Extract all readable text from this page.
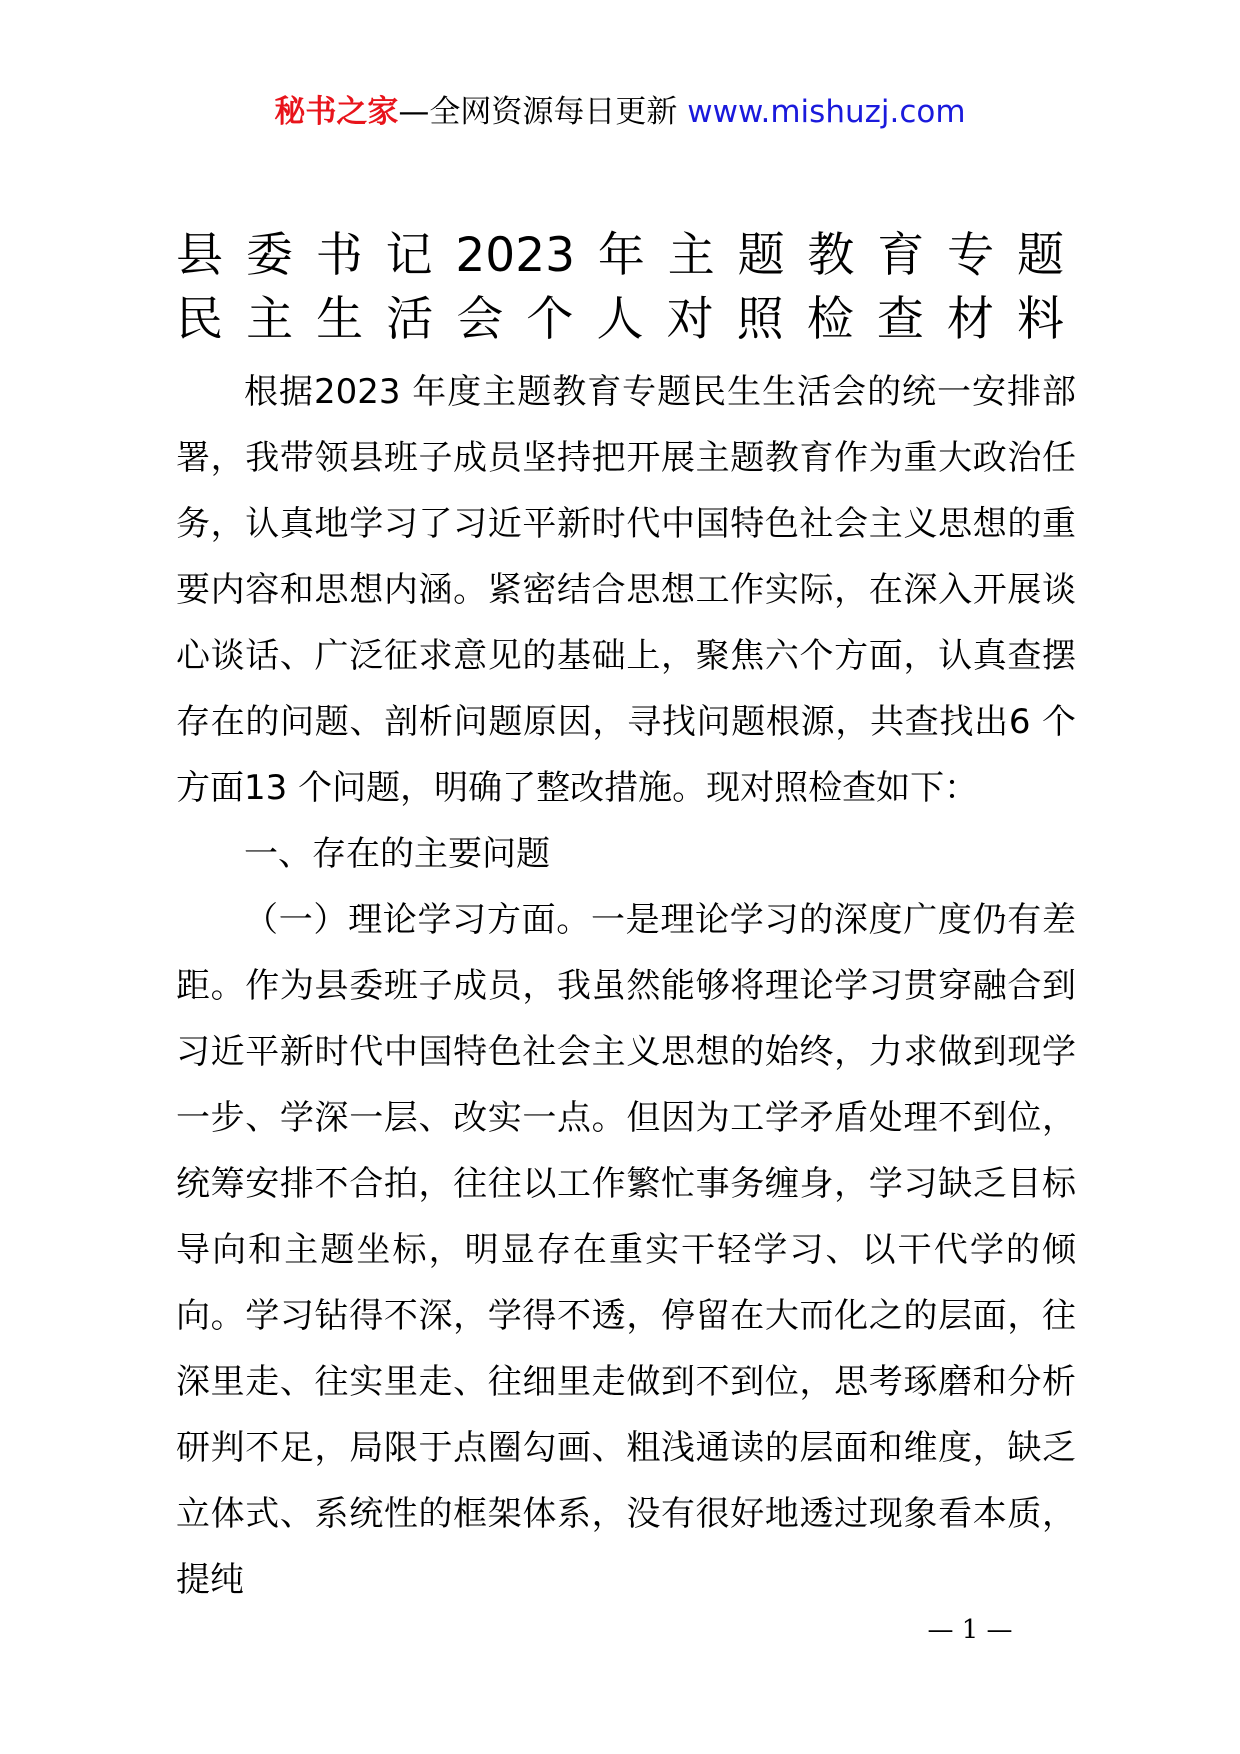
秘书之家—全网资源每日更新 www.mishuzj.com
县委书记2023年主题教育专题
民主生活会个人对照检查材料

根据2023 年度主题教育专题民生生活会的统一安排部署，我带领县班子成员坚持把开展主题教育作为重大政治任务，认真地学习了习近平新时代中国特色社会主义思想的重要内容和思想内涵。紧密结合思想工作实际，在深入开展谈心谈话、广泛征求意见的基础上，聚焦六个方面，认真查摆存在的问题、剖析问题原因，寻找问题根源，共查找出6 个方面13 个问题，明确了整改措施。现对照检查如下：

一、存在的主要问题

（一）理论学习方面。一是理论学习的深度广度仍有差距。作为县委班子成员，我虽然能够将理论学习贯穿融合到习近平新时代中国特色社会主义思想的始终，力求做到现学一步、学深一层、改实一点。但因为工学矛盾处理不到位，统筹安排不合拍，往往以工作繁忙事务缠身，学习缺乏目标导向和主题坐标，明显存在重实干轻学习、以干代学的倾向。学习钻得不深，学得不透，停留在大而化之的层面，往深里走、往实里走、往细里走做到不到位，思考琢磨和分析研判不足，局限于点圈勾画、粗浅通读的层面和维度，缺乏立体式、系统性的框架体系，没有很好地透过现象看本质，提纯

— 1 —
